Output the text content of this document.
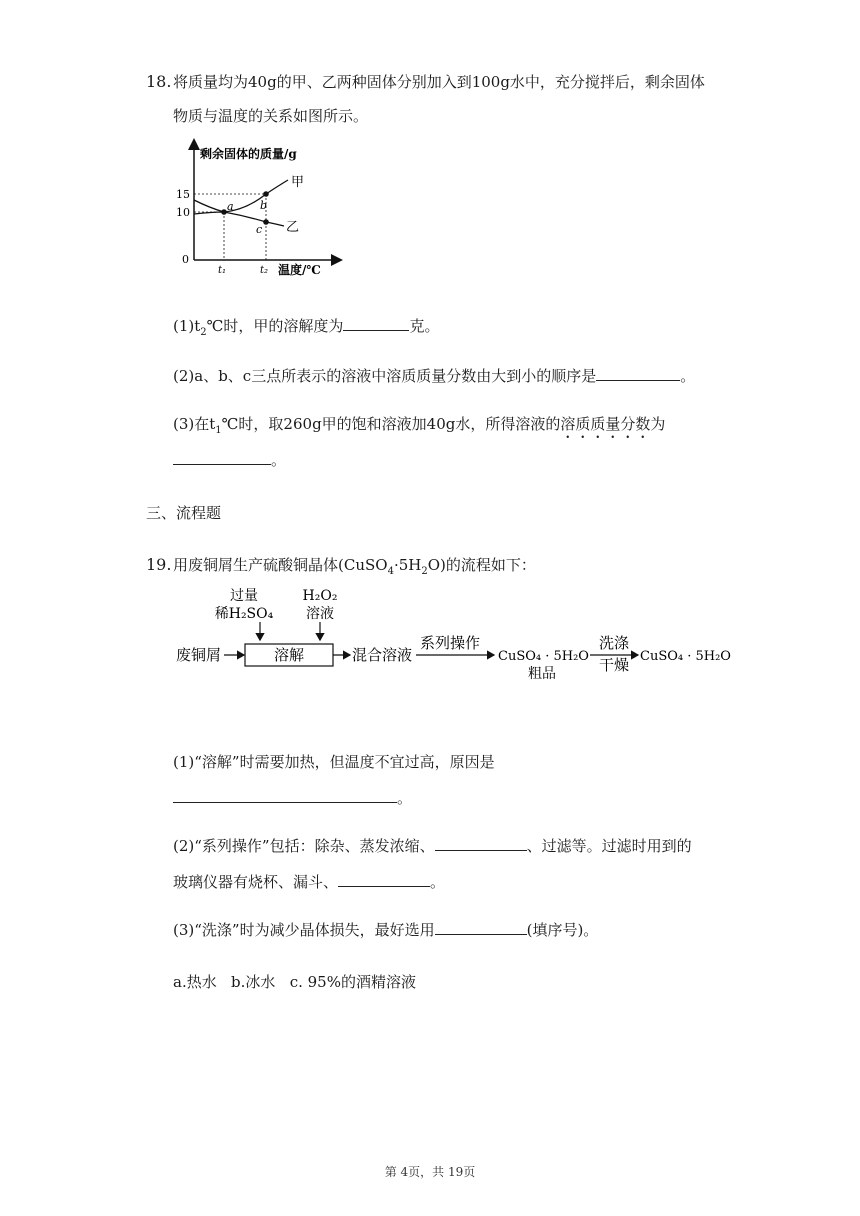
18. 将质量均为40g的甲、乙两种固体分别加入到100g水中，充分搅拌后，剩余固体
物质与温度的关系如图所示。
剩余固体的质量/g
温度/℃
0
15
10	a b
c
甲
乙
t₁	t₂
$(1)t_2℃$时，甲的溶解度为	克。
(2)a、b、c三点所表示的溶液中溶质质量分数由大到小的顺序是	。
(3)在$t_1℃$时，取260g甲的饱和溶液加40g水，所得溶液的溶质质量分数为
。
三、流程题
19. 用废铜屑生产硫酸铜晶体$(CuSO_4\cdot 5H_2O)$的流程如下：
过量
稀H₂SO₄
H₂O₂
溶液
废铜屑	溶解	混合溶液
系列操作
CuSO₄ · 5H₂O
粗品
洗涤
干燥 CuSO₄ · 5H₂O
(1)“溶解”时需要加热，但温度不宜过高，原因是
。
(2)“系列操作”包括：除杂、蒸发浓缩、	、过滤等。过滤时用到的
玻璃仪器有烧杯、漏斗、	。
(3)“洗涤”时为减少晶体损失，最好选用	(填序号)。
a.热水   b.冰水   c. 95%的酒精溶液
第 4页，共 19页
